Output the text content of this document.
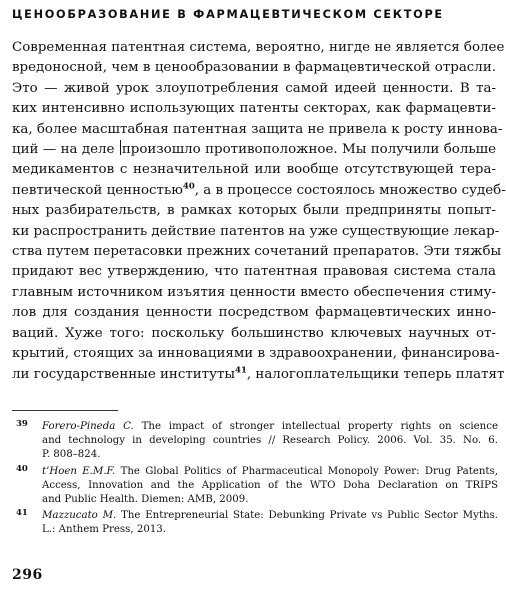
ЦЕНООБРАЗОВАНИЕ В ФАРМАЦЕВТИЧЕСКОМ СЕКТОРЕ
Современная патентная система, вероятно, нигде не является более
вредоносной, чем в ценообразовании в фармацевтической отрасли.
Это — живой урок злоупотребления самой идеей ценности. В та-
ких интенсивно использующих патенты секторах, как фармацевти-
ка, более масштабная патентная защита не привела к росту иннова-
ций — на деле произошло противоположное. Мы получили больше
медикаментов с незначительной или вообще отсутствующей тера-
певтической ценностью$^{40}$, а в процессе состоялось множество судеб-
ных разбирательств, в рамках которых были предприняты попыт-
ки распространить действие патентов на уже существующие лекар-
ства путем перетасовки прежних сочетаний препаратов. Эти тяжбы
придают вес утверждению, что патентная правовая система стала
главным источником изъятия ценности вместо обеспечения стиму-
лов для создания ценности посредством фармацевтических инно-
ваций. Хуже того: поскольку большинство ключевых научных от-
крытий, стоящих за инновациями в здравоохранении, финансирова-
ли государственные институты$^{41}$, налогоплательщики теперь платят
39 Forero-Pineda C. The impact of stronger intellectual property rights on science
and technology in developing countries // Research Policy. 2006. Vol. 35. No. 6.
P. 808–824.
40 t’Hoen E.M.F. The Global Politics of Pharmaceutical Monopoly Power: Drug Patents,
Access, Innovation and the Application of the WTO Doha Declaration on TRIPS
and Public Health. Diemen: AMB, 2009.
41 Mazzucato M. The Entrepreneurial State: Debunking Private vs Public Sector Myths.
L.: Anthem Press, 2013.
296
